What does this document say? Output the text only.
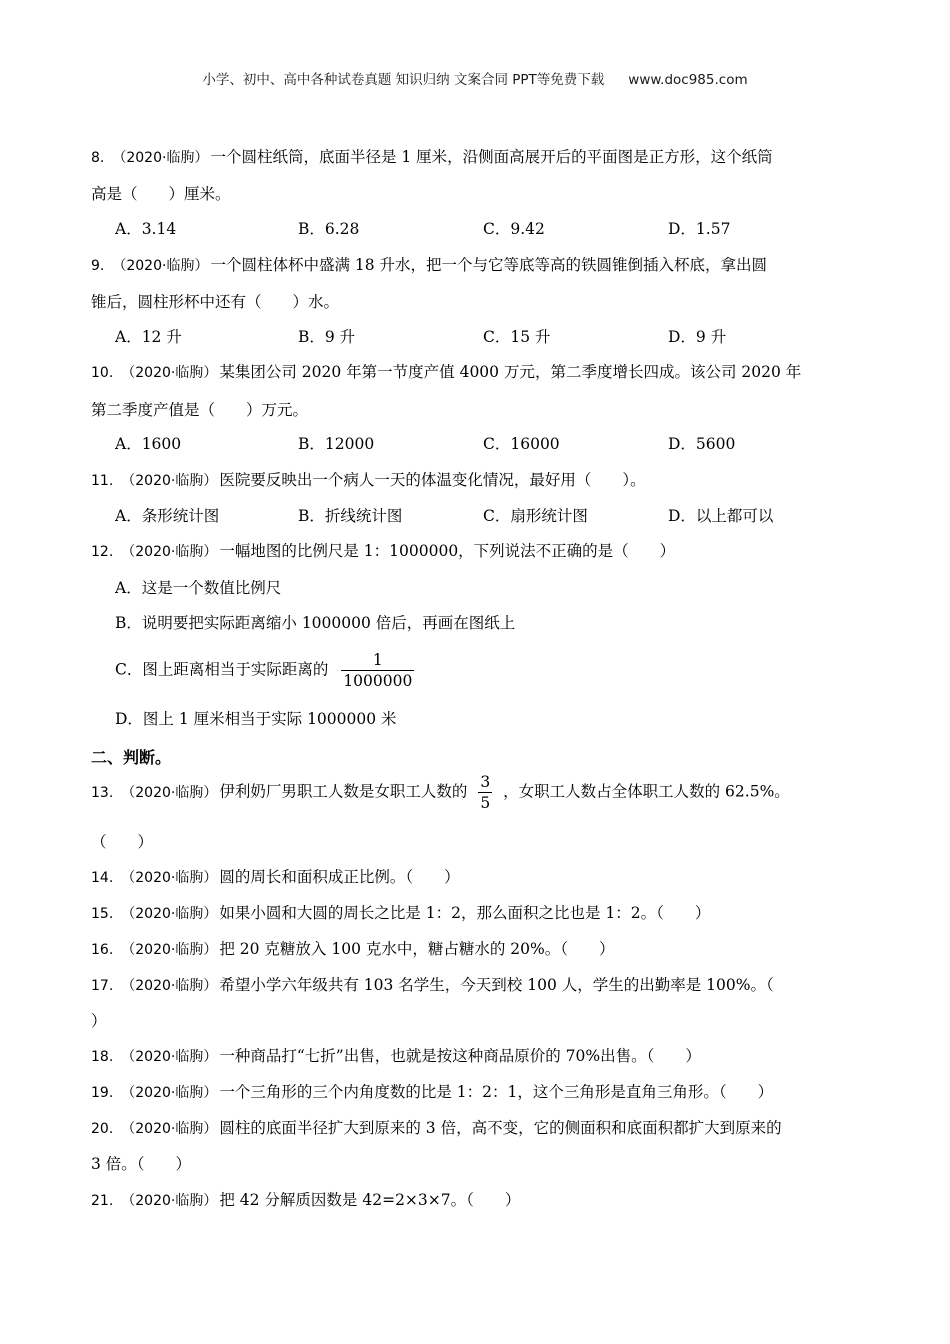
小学、初中、高中各种试卷真题 知识归纳 文案合同 PPT等免费下载 www.doc985.com
8. （2020·临朐） 一个圆柱纸筒，底面半径是 1 厘米，沿侧面高展开后的平面图是正方形，这个纸筒
高是（　　）厘米。
A．3.14	B．6.28	C．9.42	D．1.57
9. （2020·临朐） 一个圆柱体杯中盛满 18 升水，把一个与它等底等高的铁圆锥倒插入杯底，拿出圆
锥后，圆柱形杯中还有（　　）水。
A．12 升	B．9 升	C．15 升	D．9 升
10. （2020·临朐） 某集团公司 2020 年第一节度产值 4000 万元，第二季度增长四成。该公司 2020 年
第二季度产值是（　　）万元。
A．1600	B．12000	C．16000	D．5600
11. （2020·临朐） 医院要反映出一个病人一天的体温变化情况，最好用（　　）。
A．条形统计图	B．折线统计图	C．扇形统计图	D．以上都可以
12. （2020·临朐） 一幅地图的比例尺是 1：1000000，下列说法不正确的是（　　）
A．这是一个数值比例尺
B．说明要把实际距离缩小 1000000 倍后，再画在图纸上
C．图上距离相当于实际距离的 $\frac{1}{1000000}$
D．图上 1 厘米相当于实际 1000000 米
二、判断。
13. （2020·临朐） 伊利奶厂男职工人数是女职工人数的 $\frac{3}{5}$ ，女职工人数占全体职工人数的 62.5%。
（　　）
14. （2020·临朐） 圆的周长和面积成正比例。（　　）
15. （2020·临朐） 如果小圆和大圆的周长之比是 1：2，那么面积之比也是 1：2。（　　）
16. （2020·临朐） 把 20 克糖放入 100 克水中，糖占糖水的 20%。（　　）
17. （2020·临朐） 希望小学六年级共有 103 名学生，今天到校 100 人，学生的出勤率是 100%。（
）
18. （2020·临朐） 一种商品打“七折”出售，也就是按这种商品原价的 70%出售。（　　）
19. （2020·临朐） 一个三角形的三个内角度数的比是 1：2：1，这个三角形是直角三角形。（　　）
20. （2020·临朐） 圆柱的底面半径扩大到原来的 3 倍，高不变，它的侧面积和底面积都扩大到原来的
3 倍。（　　）
21. （2020·临朐） 把 42 分解质因数是 42=2×3×7。（　　）
